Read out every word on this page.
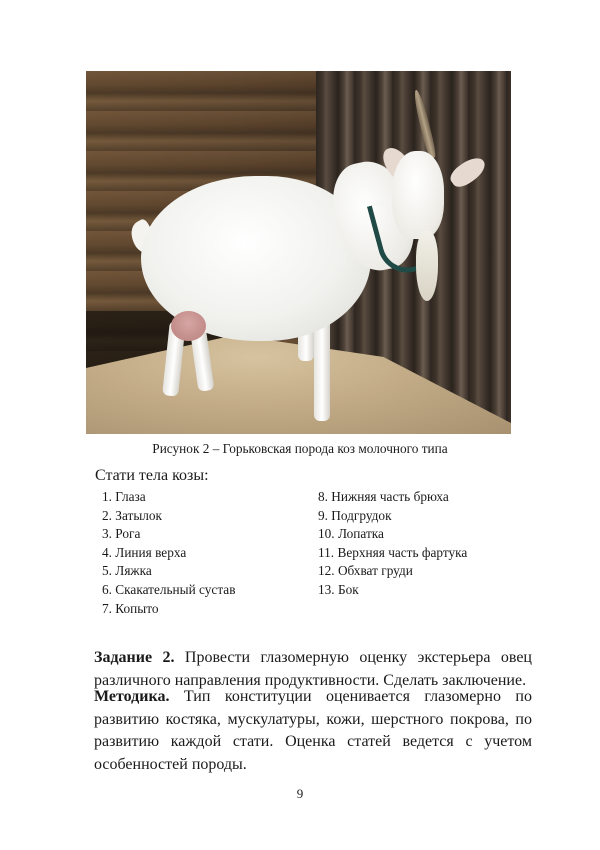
Рисунок 2 – Горьковская порода коз молочного типа
Стати тела козы:
1. Глаза
2. Затылок
3. Рога
4. Линия верха
5. Ляжка
6. Скакательный сустав
7. Копыто
8. Нижняя часть брюха
9. Подгрудок
10. Лопатка
11. Верхняя часть фартука
12. Обхват груди
13. Бок

Задание 2. Провести глазомерную оценку экстерьера овец различного направления продуктивности. Сделать заключение.

Методика. Тип конституции оценивается глазомерно по развитию костяка, мускулатуры, кожи, шерстного покрова, по развитию каждой стати. Оценка статей ведется с учетом особенностей породы.

9
